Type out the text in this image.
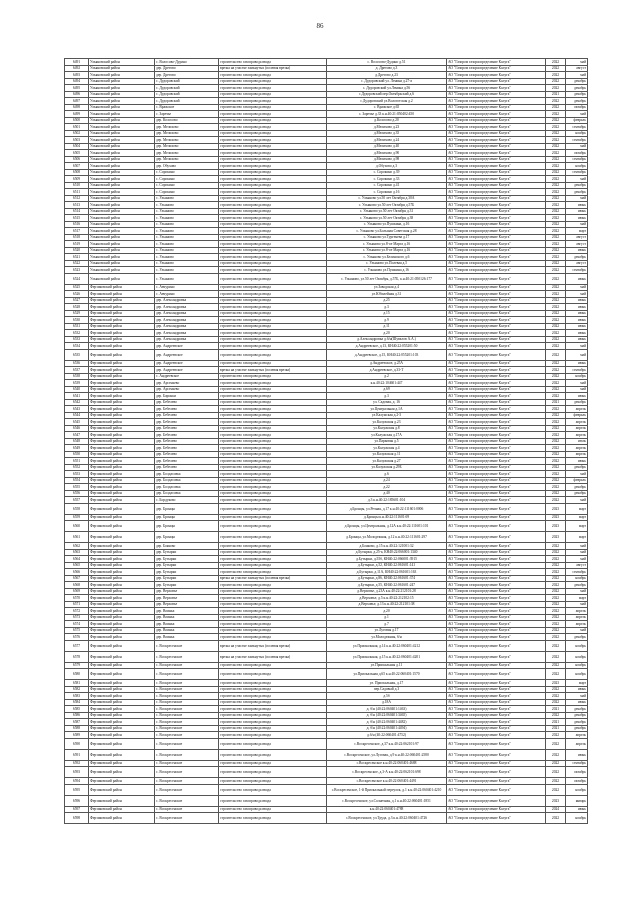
86
6491	Ульяновский район	с. Волосово-Дудино	строительство газопровода ввода	с. Волосово-Дудино д.51	АО "Газпром газораспределение Калуга"	2022	май
6492	Ульяновский район	дер. Дретово	врезка на участке замкнутых (полевая врезка)	д. Дретово д.3	АО "Газпром газораспределение Калуга"	2022	август
6493	Ульяновский район	дер. Дретово	строительство газопровода ввода	д.Дретово д.23	АО "Газпром газораспределение Калуга"	2022	май
6494	Ульяновский район	с. Дудоровский	строительство газопровода ввода	с. Дудоровский ул. Ленина д.27-а	АО "Газпром газораспределение Калуга"	2022	декабрь
6495	Ульяновский район	с. Дудоровский	строительство газопровода ввода	с. Дудоровский ул.Ленина д.56	АО "Газпром газораспределение Калуга"	2022	декабрь
6496	Ульяновский район	с. Дудоровский	строительство газопровода ввода	с.Дудоровский пер.Октябрьский д.6	АО "Газпром газораспределение Калуга"	2021	декабрь
6497	Ульяновский район	с. Дудоровский	строительство газопровода ввода	с.Дудоровский ул.Вологотская д.2	АО "Газпром газораспределение Калуга"	2022	декабрь
6498	Ульяновский район	с. Вражское	строительство газопровода ввода	с. Вражское д.65	АО "Газпром газораспределение Калуга"	2022	октябрь
6499	Ульяновский район	с. Заречье	строительство газопровода ввода	с. Заречье д.33 к.н.40:21:050402:450	АО "Газпром газораспределение Калуга"	2022	май
6500	Ульяновский район	дер. Колосово	строительство газопровода ввода	д.Колосово д.20	АО "Газпром газораспределение Калуга"	2022	февраль
6501	Ульяновский район	дер. Мелихово	строительство газопровода ввода	д.Мелихово д.23	АО "Газпром газораспределение Калуга"	2022	сентябрь
6502	Ульяновский район	дер. Мелихово	строительство газопровода ввода	д.Мелихово д.35	АО "Газпром газораспределение Калуга"	2022	ноябрь
6503	Ульяновский район	дер. Мелихово	строительство газопровода ввода	д.Мелихово д.24	АО "Газпром газораспределение Калуга"	2022	сентябрь
6504	Ульяновский район	дер. Мелихово	строительство газопровода ввода	д.Мелихово д.40	АО "Газпром газораспределение Калуга"	2022	май
6505	Ульяновский район	дер. Мелихово	строительство газопровода ввода	д.Мелихово д.90	АО "Газпром газораспределение Калуга"	2022	октябрь
6506	Ульяновский район	дер. Мелихово	строительство газопровода ввода	д.Мелихово д.98	АО "Газпром газораспределение Калуга"	2022	сентябрь
6507	Ульяновский район	дер. Обухово	строительство газопровода ввода	д.Обухово д.3	АО "Газпром газораспределение Калуга"	2022	ноябрь
6508	Ульяновский район	с. Сорокино	строительство газопровода ввода	с. Сорокино д.39	АО "Газпром газораспределение Калуга"	2022	сентябрь
6509	Ульяновский район	с. Сорокино	строительство газопровода ввода	с. Сорокино д.33	АО "Газпром газораспределение Калуга"	2022	май
6510	Ульяновский район	с. Сорокино	строительство газопровода ввода	с. Сорокино д.41	АО "Газпром газораспределение Калуга"	2022	декабрь
6511	Ульяновский район	с. Сорокино	строительство газопровода ввода	с. Сорокино д.16	АО "Газпром газораспределение Калуга"	2022	декабрь
6512	Ульяновский район	с. Ульяново	строительство газопровода ввода	с. Ульяново ул.50 лет Октября д.30А	АО "Газпром газораспределение Калуга"	2022	май
6513	Ульяновский район	с. Ульяново	строительство газопровода ввода	с. Ульяново ул.50 лет Октября д.57Б	АО "Газпром газораспределение Калуга"	2022	июнь
6514	Ульяновский район	с. Ульяново	строительство газопровода ввода	с. Ульяново ул.50 лет Октября д.31	АО "Газпром газораспределение Калуга"	2022	июнь
6515	Ульяновский район	с. Ульяново	строительство газопровода ввода	с. Ульяново ул.50 лет Октября д.38	АО "Газпром газораспределение Калуга"	2022	июнь
6516	Ульяновский район	с. Ульяново	строительство газопровода ввода	с. Ульяново ул.Пушкина, д.16	АО "Газпром газораспределение Калуга"	2022	май
6517	Ульяновский район	с. Ульяново	строительство газопровода ввода	с. Ульяново ул.Большая Советская д.28	АО "Газпром газораспределение Калуга"	2022	март
6518	Ульяновский район	с. Ульяново	строительство газопровода ввода	с. Ульяново ул.Тургенева д.17	АО "Газпром газораспределение Калуга"	2022	август
6519	Ульяновский район	с. Ульяново	строительство газопровода ввода	с. Ульяново ул.8-ое Марта д.16	АО "Газпром газораспределение Калуга"	2022	август
6520	Ульяновский район	с. Ульяново	строительство газопровода ввода	с. Ульяново ул.8-ое Марта д.16	АО "Газпром газораспределение Калуга"	2022	июнь
6521	Ульяновский район	с. Ульяново	строительство газопровода ввода	с. Ульяново ул.Белинского д.6	АО "Газпром газораспределение Калуга"	2022	декабрь
6522	Ульяновский район	с. Ульяново	строительство газопровода ввода	с. Ульяново ул.Полевая д.5	АО "Газпром газораспределение Калуга"	2022	август
6523	Ульяновский район	с. Ульяново	строительство газопровода ввода	с. Ульяново ул.Пушкина д.16	АО "Газпром газораспределение Калуга"	2022	сентябрь
6524	Ульяновский район	с. Ульяново	строительство газопровода ввода	с. Ульяново, ул.50 лет Октября, д.57Б, к.н.40:21:050126:177	АО "Газпром газораспределение Калуга"	2022	июнь
6525	Ферзиковский район	с. Авчурино	строительство газопровода ввода	ул.Заводская д.4	АО "Газпром газораспределение Калуга"	2022	май
6526	Ферзиковский район	с. Авчурино	строительство газопровода ввода	ул.Юбилейная д.31	АО "Газпром газораспределение Калуга"	2022	май
6527	Ферзиковский район	дер. Александровка	строительство газопровода ввода	д.25	АО "Газпром газораспределение Калуга"	2022	июнь
6528	Ферзиковский район	дер. Александровка	строительство газопровода ввода	д.3	АО "Газпром газораспределение Калуга"	2022	июнь
6529	Ферзиковский район	дер. Александровка	строительство газопровода ввода	д.15	АО "Газпром газораспределение Калуга"	2022	июнь
6530	Ферзиковский район	дер. Александровка	строительство газопровода ввода	д.9	АО "Газпром газораспределение Калуга"	2022	июнь
6531	Ферзиковский район	дер. Александровка	строительство газопровода ввода	д.11	АО "Газпром газораспределение Калуга"	2022	июнь
6532	Ферзиковский район	дер. Александровка	строительство газопровода ввода	д.20	АО "Газпром газораспределение Калуга"	2022	июнь
6533	Ферзиковский район	дер. Александровка	строительство газопровода ввода	д.Александровка д.б/н(Шувалов А.А.)	АО "Газпром газораспределение Калуга"	2022	июнь
6534	Ферзиковский район	дер. Андреевское	строительство газопровода ввода	д.Андреевское, д.13, КН40:22:055201:50	АО "Газпром газораспределение Калуга"	2022	май
6535	Ферзиковский район	дер. Андреевское	строительство газопровода ввода	д.Андреевское, д.15, КН40:22:055201:103	АО "Газпром газораспределение Калуга"	2022	май
6536	Ферзиковский район	дер. Андреевское	строительство газопровода ввода	д.Андреевское, д.25А	АО "Газпром газораспределение Калуга"	2022	июнь
6537	Ферзиковский район	дер. Андреевское	врезка на участке замкнутых (полевая врезка)	д.Андреевское, д.33-Т	АО "Газпром газораспределение Калуга"	2022	сентябрь
6538	Ферзиковский район	с. Андреевское	строительство газопровода ввода	д.2	АО "Газпром газораспределение Калуга"	2022	ноябрь
6539	Ферзиковский район	дер. Арсеньево	строительство газопровода ввода	к.н.40:22:104601:447	АО "Газпром газораспределение Калуга"	2022	май
6540	Ферзиковский район	дер. Арсеньево	строительство газопровода ввода	д.69	АО "Газпром газораспределение Калуга"	2022	май
6541	Ферзиковский район	дер. Баронки	строительство газопровода ввода	д.3	АО "Газпром газораспределение Калуга"	2022	июнь
6542	Ферзиковский район	дер. Бебелево	строительство газопровода ввода	ул. Садовая, д. 16	АО "Газпром газораспределение Калуга"	2021	декабрь
6543	Ферзиковский район	дер. Бебелево	строительство газопровода ввода	ул.Центральная д.1А	АО "Газпром газораспределение Калуга"	2022	апрель
6544	Ферзиковский район	дер. Бебелево	строительство газопровода ввода	ул.Калужская д.2-3	АО "Газпром газораспределение Калуга"	2022	февраль
6545	Ферзиковский район	дер. Бебелево	строительство газопровода ввода	ул.Калужская д.23	АО "Газпром газораспределение Калуга"	2022	апрель
6546	Ферзиковский район	дер. Бебелево	строительство газопровода ввода	ул.Калужская д.8	АО "Газпром газораспределение Калуга"	2022	апрель
6547	Ферзиковский район	дер. Бебелево	строительство газопровода ввода	ул.Калужская д.17А	АО "Газпром газораспределение Калуга"	2022	апрель
6548	Ферзиковский район	дер. Бебелево	строительство газопровода ввода	ул.Парковая д.5	АО "Газпром газораспределение Калуга"	2022	июль
6549	Ферзиковский район	дер. Бебелево	строительство газопровода ввода	ул.Калужская д.4	АО "Газпром газораспределение Калуга"	2022	апрель
6550	Ферзиковский район	дер. Бебелево	строительство газопровода ввода	ул.Калужская д.11	АО "Газпром газораспределение Калуга"	2022	апрель
6551	Ферзиковский район	дер. Бебелево	строительство газопровода ввода	ул.Калужская д.27	АО "Газпром газораспределение Калуга"	2022	июнь
6552	Ферзиковский район	дер. Бебелево	строительство газопровода ввода	ул.Калужская д.29Б	АО "Газпром газораспределение Калуга"	2022	декабрь
6553	Ферзиковский район	дер. Болдасовка	строительство газопровода ввода	д.6	АО "Газпром газораспределение Калуга"	2022	май
6554	Ферзиковский район	дер. Болдасовка	строительство газопровода ввода	д.24	АО "Газпром газораспределение Калуга"	2022	февраль
6555	Ферзиковский район	дер. Болдасовка	строительство газопровода ввода	д.22	АО "Газпром газораспределение Калуга"	2022	декабрь
6556	Ферзиковский район	дер. Болдасовка	строительство газопровода ввода	д.40	АО "Газпром газораспределение Калуга"	2022	декабрь
6557	Ферзиковский район	с. Бордуково	строительство газопровода ввода	д.3 к.н.40:22:185601:104	АО "Газпром газораспределение Калуга"	2022	май
6558	Ферзиковский район	дер. Бронцы	строительство газопровода ввода	д.Бронцы, ул.Речная, д.17 к.н.40:22:111601:0006	АО "Газпром газораспределение Калуга"	2023	март
6559	Ферзиковский район	дер. Бронцы	строительство газопровода ввода	д.Бронцы к.н.40:22:111601:69	АО "Газпром газораспределение Калуга"	2023	март
6560	Ферзиковский район	дер. Бронцы	строительство газопровода ввода	д.Бронцы, ул.Центральная, д.12А к.н.40:22:111601:101	АО "Газпром газораспределение Калуга"	2023	март
6561	Ферзиковский район	дер. Бронцы	строительство газопровода ввода	д.Бронцы, ул.Молодежная, д.12 к.н.40:22:111601:297	АО "Газпром газораспределение Калуга"	2023	март
6562	Ферзиковский район	дер. Бояково	строительство газопровода ввода	д.Бояково, д.15 к.н.40:22:121001:32	АО "Газпром газораспределение Калуга"	2022	май
6563	Ферзиковский район	дер. Бутырки	строительство газопровода ввода	д.Бутырки, д.25-а, КН40:22:066001:1340	АО "Газпром газораспределение Калуга"	2022	май
6564	Ферзиковский район	дер. Бутырки	строительство газопровода ввода	д.Бутырки, д.55б, КН40:22:066001:3915	АО "Газпром газораспределение Калуга"	2022	май
6565	Ферзиковский район	дер. Бутырки	строительство газопровода ввода	д.Бутырки, д.52, КН40:22:061601:141	АО "Газпром газораспределение Калуга"	2022	август
6566	Ферзиковский район	дер. Бутырки	строительство газопровода ввода	д.Бутырки, д.11А, КН40:22:061601:163	АО "Газпром газораспределение Калуга"	2022	сентябрь
6567	Ферзиковский район	дер. Бутырки	врезка на участке замкнутых (полевая врезка)	д.Бутырки, д.86, КН40:22:061601:374	АО "Газпром газораспределение Калуга"	2022	ноябрь
6568	Ферзиковский район	дер. Бутырки	строительство газопровода ввода	д.Бутырки, д.55, КН40:22:061601:247	АО "Газпром газораспределение Калуга"	2022	декабрь
6569	Ферзиковский район	дер. Верховье	строительство газопровода ввода	д.Верховье, д.23А к.н.40:22:212101:28	АО "Газпром газораспределение Калуга"	2022	май
6570	Ферзиковский район	дер. Верховье	строительство газопровода ввода	д.Верховье, д.5 к.н.40:22:212102:15	АО "Газпром газораспределение Калуга"	2022	март
6571	Ферзиковский район	дер. Верховье	строительство газопровода ввода	д.Верховье, д.13 к.н.40:22:212101:38	АО "Газпром газораспределение Калуга"	2022	май
6572	Ферзиковский район	дер. Воинка	строительство газопровода ввода	д.20	АО "Газпром газораспределение Калуга"	2022	апрель
6573	Ферзиковский район	дер. Воинка	строительство газопровода ввода	д.1	АО "Газпром газораспределение Калуга"	2022	апрель
6574	Ферзиковский район	дер. Воинка	строительство газопровода ввода	д.7	АО "Газпром газораспределение Калуга"	2022	апрель
6575	Ферзиковский район	дер. Воинка	строительство газопровода ввода	ул.Луговая д.17	АО "Газпром газораспределение Калуга"	2022	май
6576	Ферзиковский район	дер. Воинка	строительство газопровода ввода	ул.Молодежная, б/н	АО "Газпром газораспределение Калуга"	2022	декабрь
6577	Ферзиковский район	с. Воскресенское	врезка на участке замкнутых (полевая врезка)	ул.Приокальная, д.14 к.н.40:22:060401:4212	АО "Газпром газораспределение Калуга"	2022	ноябрь
6578	Ферзиковский район	с. Воскресенское	врезка на участке замкнутых (полевая врезка)	ул.Приокальная, д.15 к.н.40:22:060401:4201	АО "Газпром газораспределение Калуга"	2022	ноябрь
6579	Ферзиковский район	с. Воскресенское	строительство газопровода ввода	ул.Приокальная д.11	АО "Газпром газораспределение Калуга"	2022	ноябрь
6580	Ферзиковский район	с. Воскресенское	строительство газопровода ввода	ул.Приокальная д.65 к.н.40:22:060401:1570	АО "Газпром газораспределение Калуга"	2022	ноябрь
6581	Ферзиковский район	с. Воскресенское	строительство газопровода ввода	ул. Приокальная, д.17	АО "Газпром газораспределение Калуга"	2023	март
6582	Ферзиковский район	с. Воскресенское	строительство газопровода ввода	пер.Садовый д.3	АО "Газпром газораспределение Калуга"	2022	июнь
6583	Ферзиковский район	с. Воскресенское	строительство газопровода ввода	д.5б	АО "Газпром газораспределение Калуга"	2022	май
6584	Ферзиковский район	с. Воскресенское	строительство газопровода ввода	д.18А	АО "Газпром газораспределение Калуга"	2022	июнь
6585	Ферзиковский район	с. Воскресенское	строительство газопровода ввода	д. б/н (40:22:060401:1463)	АО "Газпром газораспределение Калуга"	2021	декабрь
6586	Ферзиковский район	с. Воскресенское	строительство газопровода ввода	д. б/н (40:22:060401:3465)	АО "Газпром газораспределение Калуга"	2022	декабрь
6587	Ферзиковский район	с. Воскресенское	строительство газопровода ввода	д. б/н (40:22:060401:4482)	АО "Газпром газораспределение Калуга"	2021	декабрь
6588	Ферзиковский район	с. Воскресенское	строительство газопровода ввода	д. б/н (40:22:060401:4494)	АО "Газпром газораспределение Калуга"	2021	декабрь
6589	Ферзиковский район	с. Воскресенское	строительство газопровода ввода	д.б/н (40:22:060401:4752)	АО "Газпром газораспределение Калуга"	2022	апрель
6590	Ферзиковский район	с. Воскресенское	строительство газопровода ввода	с.Воскресенское, д.37 к.н.40:22:062101:97	АО "Газпром газораспределение Калуга"	2022	апрель
6591	Ферзиковский район	с. Воскресенское	строительство газопровода ввода	с.Воскресенское, ул.Луговая, д.9 к.н.40:22:060401:2580	АО "Газпром газораспределение Калуга"	2022	июнь
6592	Ферзиковский район	с. Воскресенское	строительство газопровода ввода	с.Воскресенское к.н.40:22:060401:4688	АО "Газпром газораспределение Калуга"	2022	сентябрь
6593	Ферзиковский район	с. Воскресенское	строительство газопровода ввода	с.Воскресенское, д.3-А к.н.40:22:062101:698	АО "Газпром газораспределение Калуга"	2022	октябрь
6594	Ферзиковский район	с. Воскресенское	строительство газопровода ввода	с.Воскресенское к.н.40:22:060401:4491	АО "Газпром газораспределение Калуга"	2022	октябрь
6595	Ферзиковский район	с. Воскресенское	строительство газопровода ввода	с.Воскресенское, 1-й Приокальный переулок, д.1 к.н.40:22:060401:4210	АО "Газпром газораспределение Калуга"	2022	ноябрь
6596	Ферзиковский район	с. Воскресенское	строительство газопровода ввода	с.Воскресенское, ул.Солнечная, д.1 к.н.40:22:060401:1851	АО "Газпром газораспределение Калуга"	2023	январь
6597	Ферзиковский район	с. Воскресенское	строительство газопровода ввода	к.н.40:22:060401:4788	АО "Газпром газораспределение Калуга"	2024	июнь
6598	Ферзиковский район	с. Воскресенское	строительство газопровода ввода	с.Воскресенское, ул.Труда, д.3 к.н.40:22:060401:4726	АО "Газпром газораспределение Калуга"	2022	ноябрь
